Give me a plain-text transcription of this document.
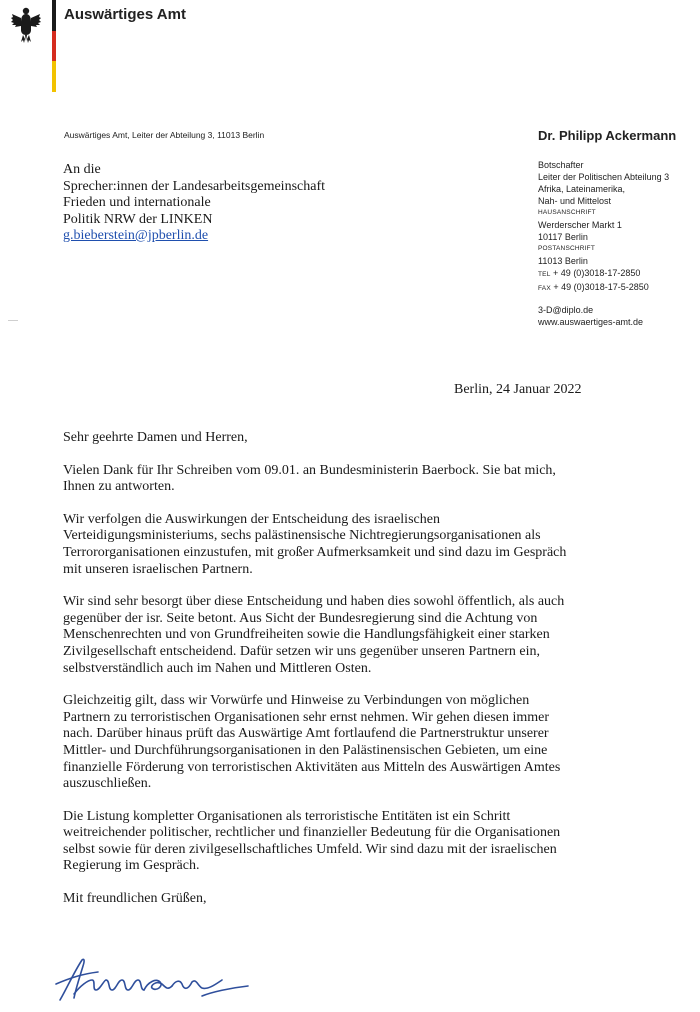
Auswärtiges Amt
Auswärtiges Amt, Leiter der Abteilung 3, 11013 Berlin	Dr. Philipp Ackermann
An die
Sprecher:innen der Landesarbeitsgemeinschaft
Frieden und internationale
Politik NRW der LINKEN
g.bieberstein@jpberlin.de
Botschafter
Leiter der Politischen Abteilung 3
Afrika, Lateinamerika,
Nah- und Mittelost
HAUSANSCHRIFT
Werderscher Markt 1
10117 Berlin
POSTANSCHRIFT
11013 Berlin
TEL + 49 (0)3018-17-2850
FAX + 49 (0)3018-17-5-2850
3-D@diplo.de
www.auswaertiges-amt.de
Berlin, 24 Januar 2022

Sehr geehrte Damen und Herren,

Vielen Dank für Ihr Schreiben vom 09.01. an Bundesministerin Baerbock. Sie bat mich,
Ihnen zu antworten.

Wir verfolgen die Auswirkungen der Entscheidung des israelischen
Verteidigungsministeriums, sechs palästinensische Nichtregierungsorganisationen als
Terrororganisationen einzustufen, mit großer Aufmerksamkeit und sind dazu im Gespräch
mit unseren israelischen Partnern.

Wir sind sehr besorgt über diese Entscheidung und haben dies sowohl öffentlich, als auch
gegenüber der isr. Seite betont. Aus Sicht der Bundesregierung sind die Achtung von
Menschenrechten und von Grundfreiheiten sowie die Handlungsfähigkeit einer starken
Zivilgesellschaft entscheidend. Dafür setzen wir uns gegenüber unseren Partnern ein,
selbstverständlich auch im Nahen und Mittleren Osten.

Gleichzeitig gilt, dass wir Vorwürfe und Hinweise zu Verbindungen von möglichen
Partnern zu terroristischen Organisationen sehr ernst nehmen. Wir gehen diesen immer
nach. Darüber hinaus prüft das Auswärtige Amt fortlaufend die Partnerstruktur unserer
Mittler- und Durchführungsorganisationen in den Palästinensischen Gebieten, um eine
finanzielle Förderung von terroristischen Aktivitäten aus Mitteln des Auswärtigen Amtes
auszuschließen.

Die Listung kompletter Organisationen als terroristische Entitäten ist ein Schritt
weitreichender politischer, rechtlicher und finanzieller Bedeutung für die Organisationen
selbst sowie für deren zivilgesellschaftliches Umfeld. Wir sind dazu mit der israelischen
Regierung im Gespräch.

Mit freundlichen Grüßen,
